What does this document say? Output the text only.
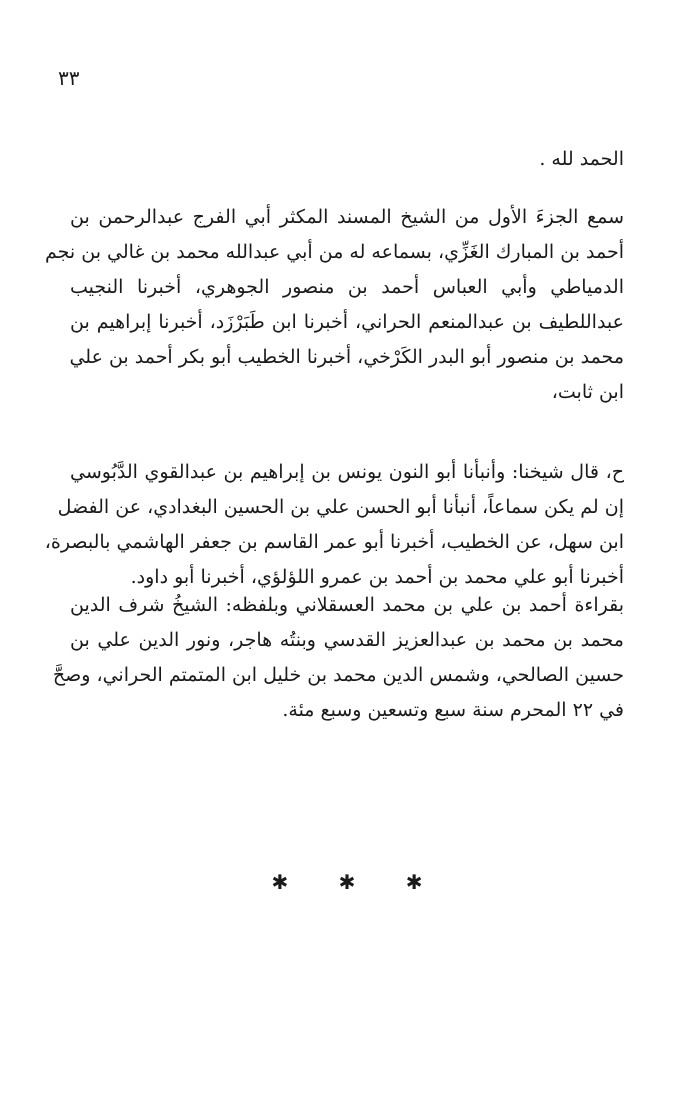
٣٣
الحمد لله .
سمع الجزءَ الأول من الشيخ المسند المكثر أبي الفرج عبدالرحمن بن
أحمد بن المبارك الغَزِّي، بسماعه له من أبي عبدالله محمد بن غالي بن نجم
الدمياطي وأبي العباس أحمد بن منصور الجوهري، أخبرنا النجيب
عبداللطيف بن عبدالمنعم الحراني، أخبرنا ابن طَبَرْزَد، أخبرنا إبراهيم بن
محمد بن منصور أبو البدر الكَرْخي، أخبرنا الخطيب أبو بكر أحمد بن علي
ابن ثابت،
ح، قال شيخنا: وأنبأنا أبو النون يونس بن إبراهيم بن عبدالقوي الدَّبُوسي
إن لم يكن سماعاً، أنبأنا أبو الحسن علي بن الحسين البغدادي، عن الفضل
ابن سهل، عن الخطيب، أخبرنا أبو عمر القاسم بن جعفر الهاشمي بالبصرة،
أخبرنا أبو علي محمد بن أحمد بن عمرو اللؤلؤي، أخبرنا أبو داود.
بقراءة أحمد بن علي بن محمد العسقلاني وبلفظه: الشيخُ شرف الدين
محمد بن محمد بن عبدالعزيز القدسي وبنتُه هاجر، ونور الدين علي بن
حسين الصالحي، وشمس الدين محمد بن خليل ابن المتمتم الحراني، وصحَّ
في ٢٢ المحرم سنة سبع وتسعين وسبع مئة.
✱ ✱ ✱
